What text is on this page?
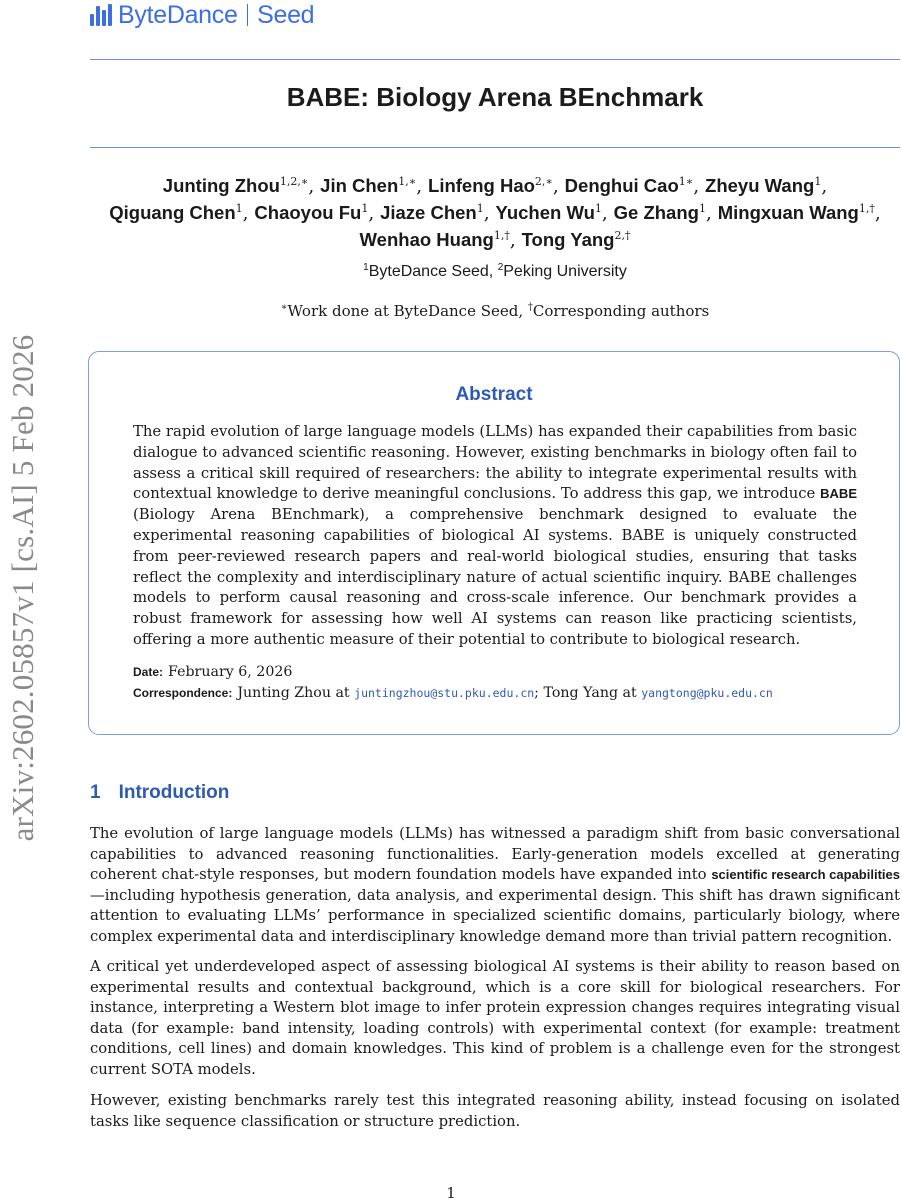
ByteDance Seed
BABE: Biology Arena BEnchmark
Junting Zhou$^{1,2,∗}$, Jin Chen$^{1,∗}$, Linfeng Hao$^{2,∗}$, Denghui Cao$^{1∗}$, Zheyu Wang$^1$,
Qiguang Chen$^1$, Chaoyou Fu$^1$, Jiaze Chen$^1$, Yuchen Wu$^1$, Ge Zhang$^1$, Mingxuan Wang$^{1,\dagger}$, Wenhao Huang$^{1,\dagger}$, Tong Yang$^{2,\dagger}$
$^1$ByteDance Seed, $^2$Peking University
∗Work done at ByteDance Seed, †Corresponding authors
Abstract
The rapid evolution of large language models (LLMs) has expanded their capabilities from basic dialogue to advanced scientific reasoning. However, existing benchmarks in biology often fail to assess a critical skill required of researchers: the ability to integrate experimental results with contextual knowledge to derive meaningful conclusions. To address this gap, we introduce BABE (Biology Arena BEnchmark), a comprehensive benchmark designed to evaluate the experimental reasoning capabilities of biological AI systems. BABE is uniquely constructed from peer-reviewed research papers and real-world biological studies, ensuring that tasks reflect the complexity and interdisciplinary nature of actual scientific inquiry. BABE challenges models to perform causal reasoning and cross-scale inference. Our benchmark provides a robust framework for assessing how well AI systems can reason like practicing scientists, offering a more authentic measure of their potential to contribute to biological research.
Date: February 6, 2026
Correspondence: Junting Zhou at juntingzhou@stu.pku.edu.cn; Tong Yang at yangtong@pku.edu.cn
1 Introduction
The evolution of large language models (LLMs) has witnessed a paradigm shift from basic conversational capabilities to advanced reasoning functionalities. Early-generation models excelled at generating coherent chat-style responses, but modern foundation models have expanded into scientific research capabilities—including hypothesis generation, data analysis, and experimental design. This shift has drawn significant attention to evaluating LLMs’ performance in specialized scientific domains, particularly biology, where complex experimental data and interdisciplinary knowledge demand more than trivial pattern recognition.
A critical yet underdeveloped aspect of assessing biological AI systems is their ability to reason based on experimental results and contextual background, which is a core skill for biological researchers. For instance, interpreting a Western blot image to infer protein expression changes requires integrating visual data (for example: band intensity, loading controls) with experimental context (for example: treatment conditions, cell lines) and domain knowledges. This kind of problem is a challenge even for the strongest current SOTA models.
However, existing benchmarks rarely test this integrated reasoning ability, instead focusing on isolated tasks like sequence classification or structure prediction.
1
arXiv:2602.05857v1 [cs.AI] 5 Feb 2026
